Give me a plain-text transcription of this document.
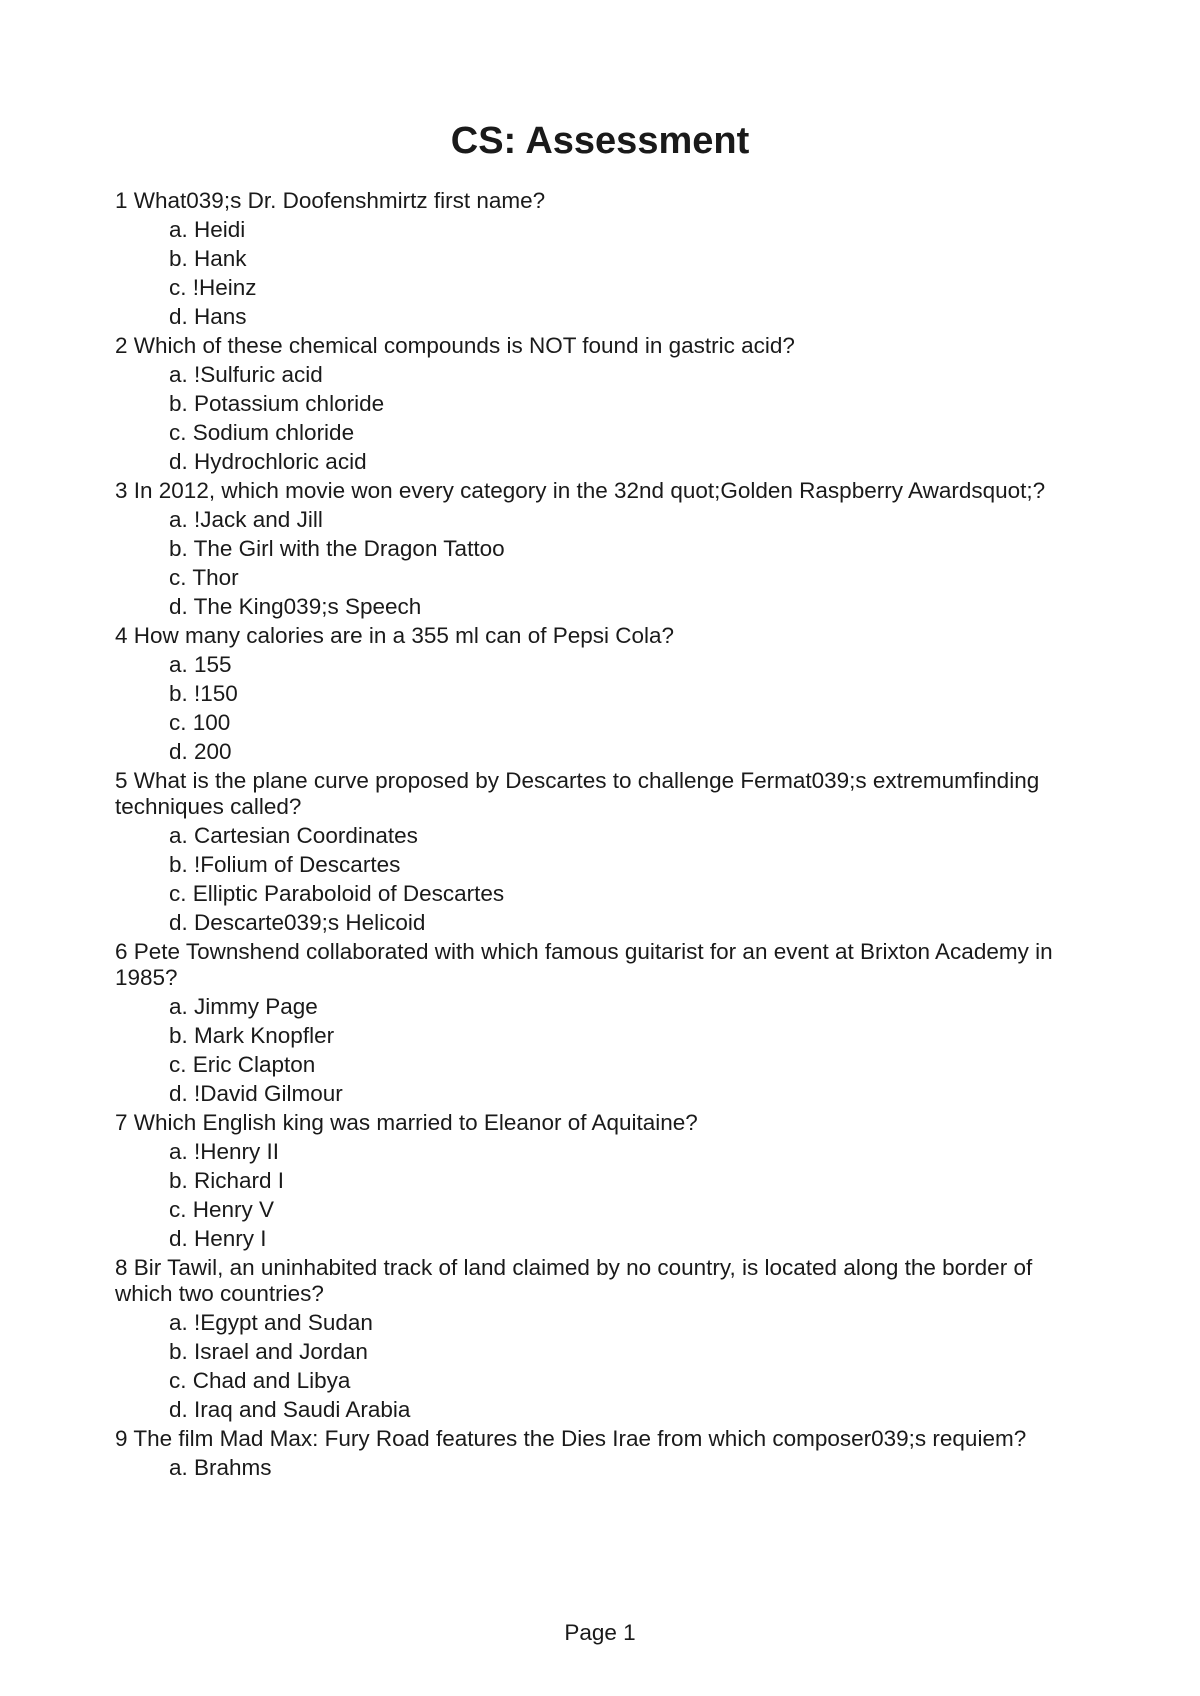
CS: Assessment
1 What039;s Dr. Doofenshmirtz first name?
a. Heidi
b. Hank
c. !Heinz
d. Hans
2 Which of these chemical compounds is NOT found in gastric acid?
a. !Sulfuric acid
b. Potassium chloride
c. Sodium chloride
d. Hydrochloric acid
3 In 2012, which movie won every category in the 32nd quot;Golden Raspberry Awardsquot;?
a. !Jack and Jill
b. The Girl with the Dragon Tattoo
c. Thor
d. The King039;s Speech
4 How many calories are in a 355 ml can of Pepsi Cola?
a. 155
b. !150
c. 100
d. 200
5 What is the plane curve proposed by Descartes to challenge Fermat039;s extremumfinding techniques called?
a. Cartesian Coordinates
b. !Folium of Descartes
c. Elliptic Paraboloid of Descartes
d. Descarte039;s Helicoid
6 Pete Townshend collaborated with which famous guitarist for an event at Brixton Academy in 1985?
a. Jimmy Page
b. Mark Knopfler
c. Eric Clapton
d. !David Gilmour
7 Which English king was married to Eleanor of Aquitaine?
a. !Henry II
b. Richard I
c. Henry V
d. Henry I
8 Bir Tawil, an uninhabited track of land claimed by no country, is located along the border of which two countries?
a. !Egypt and Sudan
b. Israel and Jordan
c. Chad and Libya
d. Iraq and Saudi Arabia
9 The film Mad Max: Fury Road features the Dies Irae from which composer039;s requiem?
a. Brahms
Page 1
